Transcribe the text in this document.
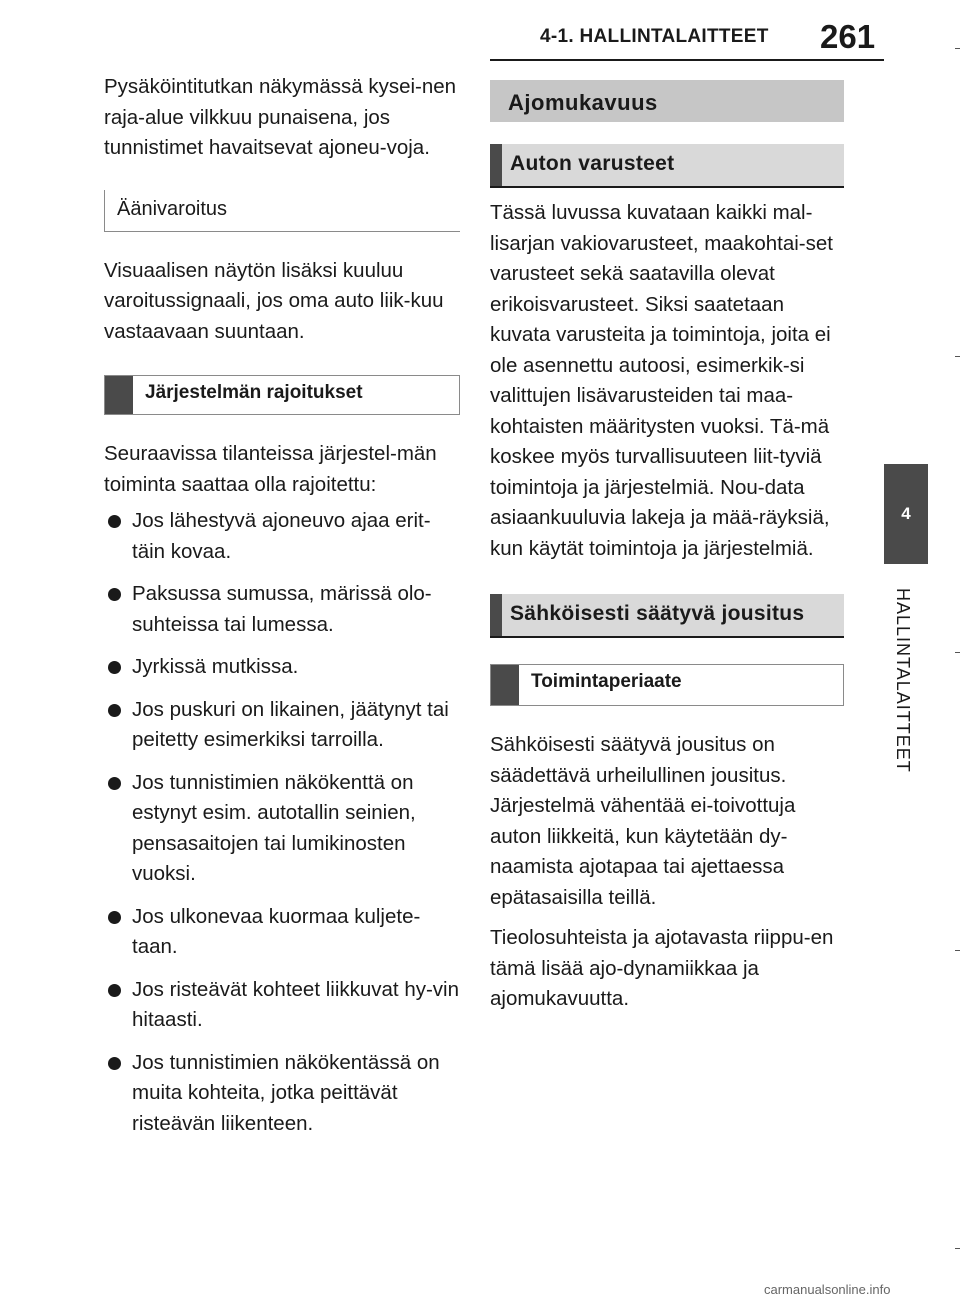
4-1. HALLINTALAITTEET 261
4
HALLINTALAITTEET

Pysäköintitutkan näkymässä kysei-nen raja-alue vilkkuu punaisena, jos tunnistimet havaitsevat ajoneu-voja.

Äänivaroitus

Visuaalisen näytön lisäksi kuuluu varoitussignaali, jos oma auto liik-kuu vastaavaan suuntaan.

Järjestelmän rajoitukset

Seuraavissa tilanteissa järjestel-män toiminta saattaa olla rajoitettu:

Jos lähestyvä ajoneuvo ajaa erit-täin kovaa.
Paksussa sumussa, märissä olo-suhteissa tai lumessa.
Jyrkissä mutkissa.
Jos puskuri on likainen, jäätynyt tai peitetty esimerkiksi tarroilla.
Jos tunnistimien näkökenttä on estynyt esim. autotallin seinien, pensasaitojen tai lumikinosten vuoksi.
Jos ulkonevaa kuormaa kuljete-taan.
Jos risteävät kohteet liikkuvat hy-vin hitaasti.
Jos tunnistimien näkökentässä on muita kohteita, jotka peittävät risteävän liikenteen.
Ajomukavuus
Auton varusteet

Tässä luvussa kuvataan kaikki mal-lisarjan vakiovarusteet, maakohtai-set varusteet sekä saatavilla olevat erikoisvarusteet. Siksi saatetaan kuvata varusteita ja toimintoja, joita ei ole asennettu autoosi, esimerkik-si valittujen lisävarusteiden tai maa-kohtaisten määritysten vuoksi. Tä-mä koskee myös turvallisuuteen liit-tyviä toimintoja ja järjestelmiä. Nou-data asiaankuuluvia lakeja ja mää-räyksiä, kun käytät toimintoja ja järjestelmiä.

Sähköisesti säätyvä jousitus
Toimintaperiaate

Sähköisesti säätyvä jousitus on säädettävä urheilullinen jousitus. Järjestelmä vähentää ei-toivottuja auton liikkeitä, kun käytetään dy-naamista ajotapaa tai ajettaessa epätasaisilla teillä.

Tieolosuhteista ja ajotavasta riippu-en tämä lisää ajo-dynamiikkaa ja ajomukavuutta.

carmanualsonline.info
